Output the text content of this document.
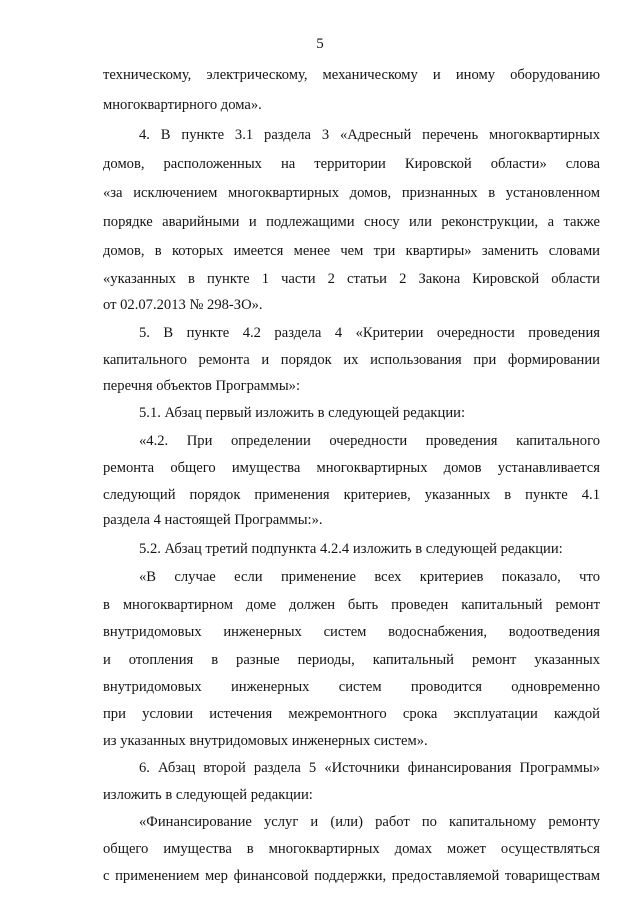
5
техническому, электрическому, механическому и иному оборудованию
многоквартирного дома».
4. В пункте 3.1 раздела 3 «Адресный перечень многоквартирных
домов, расположенных на территории Кировской области» слова
«за исключением многоквартирных домов, признанных в установленном
порядке аварийными и подлежащими сносу или реконструкции, а также
домов, в которых имеется менее чем три квартиры» заменить словами
«указанных в пункте 1 части 2 статьи 2 Закона Кировской области
от 02.07.2013 № 298-ЗО».
5. В пункте 4.2 раздела 4 «Критерии очередности проведения
капитального ремонта и порядок их использования при формировании
перечня объектов Программы»:
5.1. Абзац первый изложить в следующей редакции:
«4.2. При определении очередности проведения капитального
ремонта общего имущества многоквартирных домов устанавливается
следующий порядок применения критериев, указанных в пункте 4.1
раздела 4 настоящей Программы:».
5.2. Абзац третий подпункта 4.2.4 изложить в следующей редакции:
«В случае если применение всех критериев показало, что
в многоквартирном доме должен быть проведен капитальный ремонт
внутридомовых инженерных систем водоснабжения, водоотведения
и отопления в разные периоды, капитальный ремонт указанных
внутридомовых инженерных систем проводится одновременно
при условии истечения межремонтного срока эксплуатации каждой
из указанных внутридомовых инженерных систем».
6. Абзац второй раздела 5 «Источники финансирования Программы»
изложить в следующей редакции:
«Финансирование услуг и (или) работ по капитальному ремонту
общего имущества в многоквартирных домах может осуществляться
с применением мер финансовой поддержки, предоставляемой товариществам
